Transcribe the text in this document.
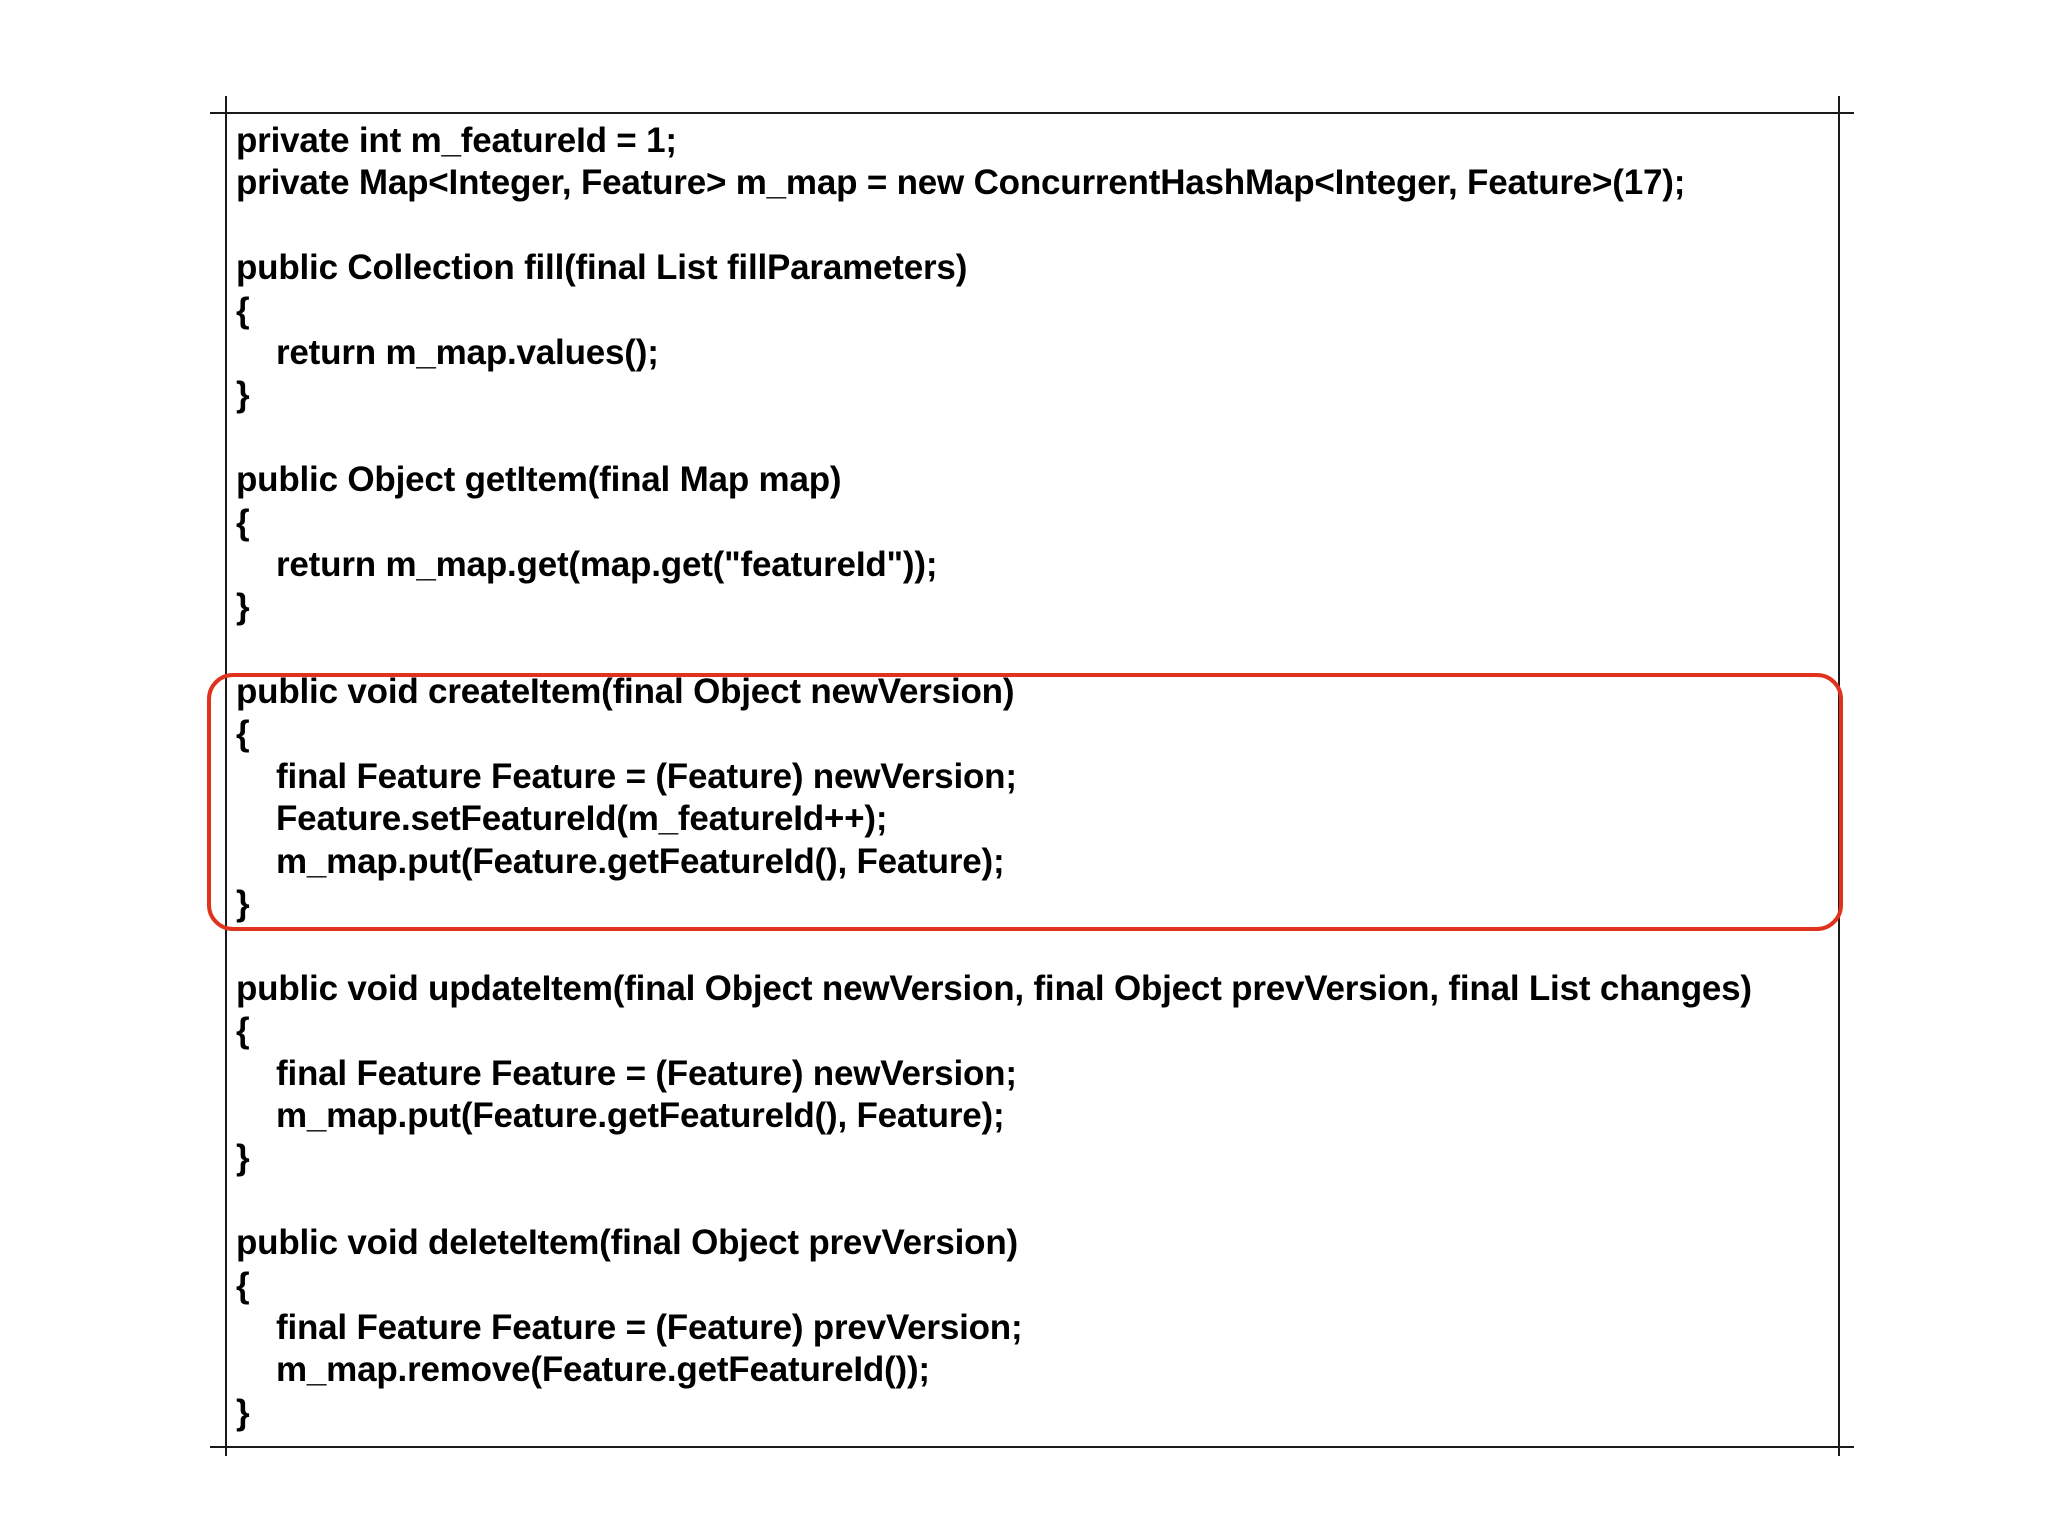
private int m_featureId = 1;
private Map<Integer, Feature> m_map = new ConcurrentHashMap<Integer, Feature>(17);
public Collection fill(final List fillParameters)
{
return m_map.values();
}
public Object getItem(final Map map)
{
return m_map.get(map.get("featureId"));
}
public void createItem(final Object newVersion)
{
final Feature Feature = (Feature) newVersion;
Feature.setFeatureId(m_featureId++);
m_map.put(Feature.getFeatureId(), Feature);
}
public void updateItem(final Object newVersion, final Object prevVersion, final List changes)
{
final Feature Feature = (Feature) newVersion;
m_map.put(Feature.getFeatureId(), Feature);
}
public void deleteItem(final Object prevVersion)
{
final Feature Feature = (Feature) prevVersion;
m_map.remove(Feature.getFeatureId());
}
